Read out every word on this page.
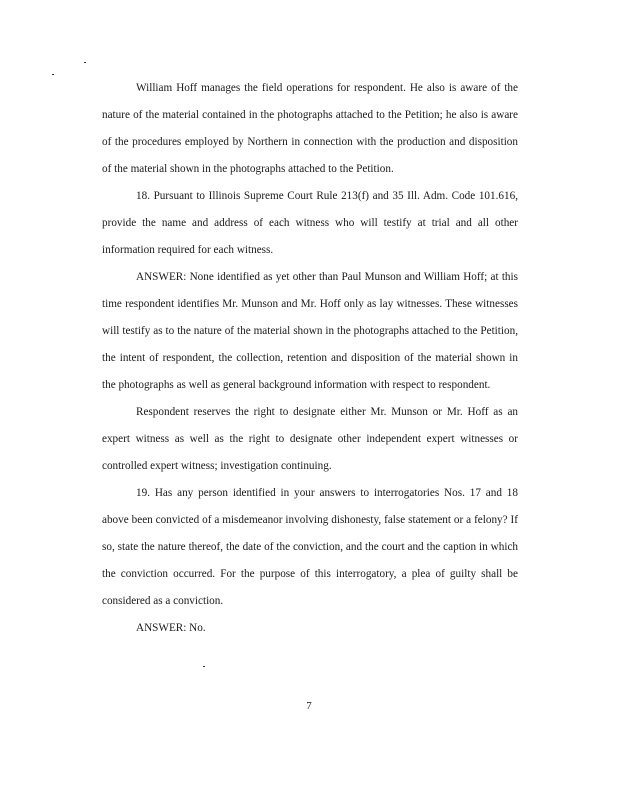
William Hoff manages the field operations for respondent. He also is aware of the nature of the material contained in the photographs attached to the Petition; he also is aware of the procedures employed by Northern in connection with the production and disposition of the material shown in the photographs attached to the Petition.

18. Pursuant to Illinois Supreme Court Rule 213(f) and 35 Ill. Adm. Code 101.616, provide the name and address of each witness who will testify at trial and all other information required for each witness.

ANSWER: None identified as yet other than Paul Munson and William Hoff; at this time respondent identifies Mr. Munson and Mr. Hoff only as lay witnesses. These witnesses will testify as to the nature of the material shown in the photographs attached to the Petition, the intent of respondent, the collection, retention and disposition of the material shown in the photographs as well as general background information with respect to respondent.

Respondent reserves the right to designate either Mr. Munson or Mr. Hoff as an expert witness as well as the right to designate other independent expert witnesses or controlled expert witness; investigation continuing.

19. Has any person identified in your answers to interrogatories Nos. 17 and 18 above been convicted of a misdemeanor involving dishonesty, false statement or a felony? If so, state the nature thereof, the date of the conviction, and the court and the caption in which the conviction occurred. For the purpose of this interrogatory, a plea of guilty shall be considered as a conviction.

ANSWER: No.

7
